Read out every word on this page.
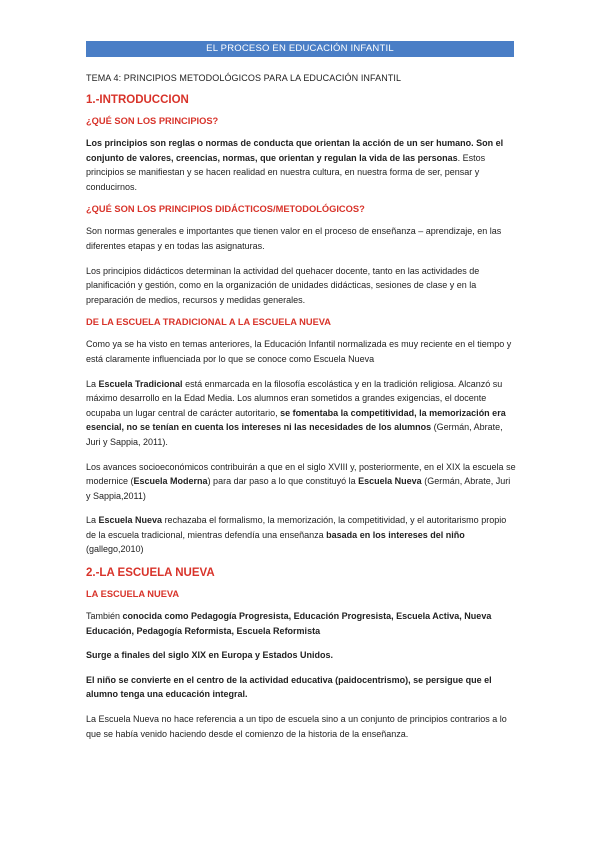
EL PROCESO EN EDUCACIÓN INFANTIL
TEMA 4: PRINCIPIOS METODOLÓGICOS PARA LA EDUCACIÓN INFANTIL
1.-INTRODUCCION
¿QUÉ SON LOS PRINCIPIOS?

Los principios son reglas o normas de conducta que orientan la acción de un ser humano. Son el conjunto de valores, creencias, normas, que orientan y regulan la vida de las personas. Estos principios se manifiestan y se hacen realidad en nuestra cultura, en nuestra forma de ser, pensar y conducirnos.

¿QUÉ SON LOS PRINCIPIOS DIDÁCTICOS/METODOLÓGICOS?

Son normas generales e importantes que tienen valor en el proceso de enseñanza – aprendizaje, en las diferentes etapas y en todas las asignaturas.

Los principios didácticos determinan la actividad del quehacer docente, tanto en las actividades de planificación y gestión, como en la organización de unidades didácticas, sesiones de clase y en la preparación de medios, recursos y medidas generales.

DE LA ESCUELA TRADICIONAL A LA ESCUELA NUEVA

Como ya se ha visto en temas anteriores, la Educación Infantil normalizada es muy reciente en el tiempo y está claramente influenciada por lo que se conoce como Escuela Nueva

La Escuela Tradicional está enmarcada en la filosofía escolástica y en la tradición religiosa. Alcanzó su máximo desarrollo en la Edad Media. Los alumnos eran sometidos a grandes exigencias, el docente ocupaba un lugar central de carácter autoritario, se fomentaba la competitividad, la memorización era esencial, no se tenían en cuenta los intereses ni las necesidades de los alumnos (Germán, Abrate, Juri y Sappia, 2011).

Los avances socioeconómicos contribuirán a que en el siglo XVIII y, posteriormente, en el XIX la escuela se modernice (Escuela Moderna) para dar paso a lo que constituyó la Escuela Nueva (Germán, Abrate, Juri y Sappia,2011)

La Escuela Nueva rechazaba el formalismo, la memorización, la competitividad, y el autoritarismo propio de la escuela tradicional, mientras defendía una enseñanza basada en los intereses del niño (gallego,2010)

2.-LA ESCUELA NUEVA
LA ESCUELA NUEVA

También conocida como Pedagogía Progresista, Educación Progresista, Escuela Activa, Nueva Educación, Pedagogía Reformista, Escuela Reformista

Surge a finales del siglo XIX en Europa y Estados Unidos.

El niño se convierte en el centro de la actividad educativa (paidocentrismo), se persigue que el alumno tenga una educación integral.

La Escuela Nueva no hace referencia a un tipo de escuela sino a un conjunto de principios contrarios a lo que se había venido haciendo desde el comienzo de la historia de la enseñanza.
